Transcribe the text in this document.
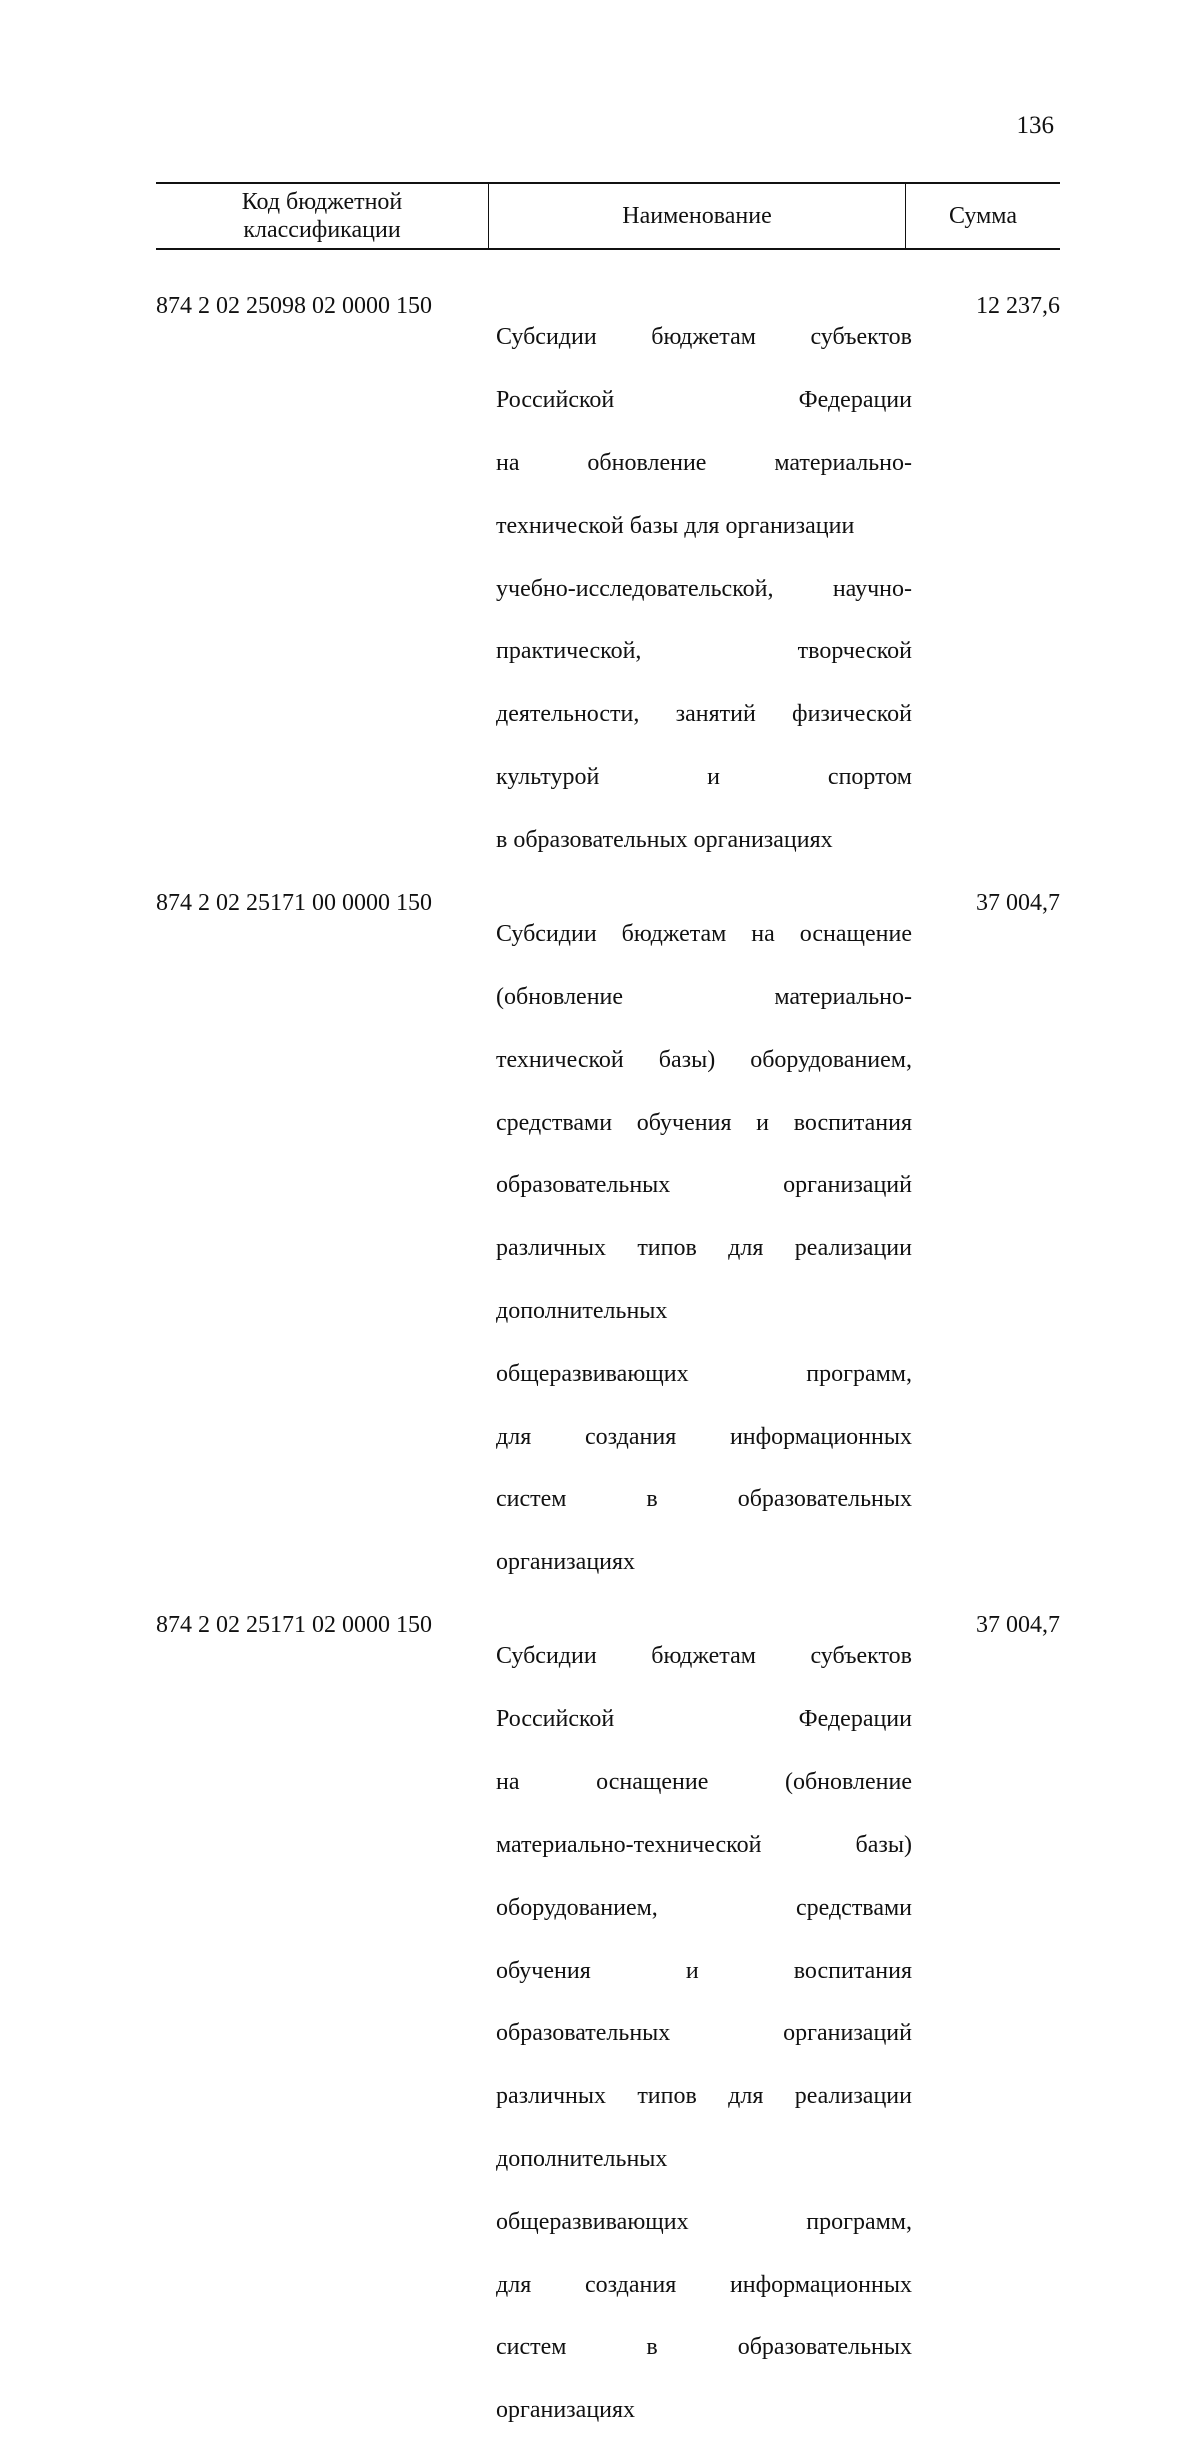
136
Код бюджетной
классификации
Наименование	Сумма
874 2 02 25098 02 0000 150

Субсидии бюджетам субъектов

Российской Федерации

на обновление материально-

технической базы для организации

учебно-исследовательской, научно-

практической, творческой

деятельности, занятий физической

культурой и спортом

в образовательных организациях

12 237,6
874 2 02 25171 00 0000 150

Субсидии бюджетам на оснащение

(обновление материально-

технической базы) оборудованием,

средствами обучения и воспитания

образовательных организаций

различных типов для реализации

дополнительных

общеразвивающих программ,

для создания информационных

систем в образовательных

организациях

37 004,7
874 2 02 25171 02 0000 150

Субсидии бюджетам субъектов

Российской Федерации

на оснащение (обновление

материально-технической базы)

оборудованием, средствами

обучения и воспитания

образовательных организаций

различных типов для реализации

дополнительных

общеразвивающих программ,

для создания информационных

систем в образовательных

организациях

37 004,7
